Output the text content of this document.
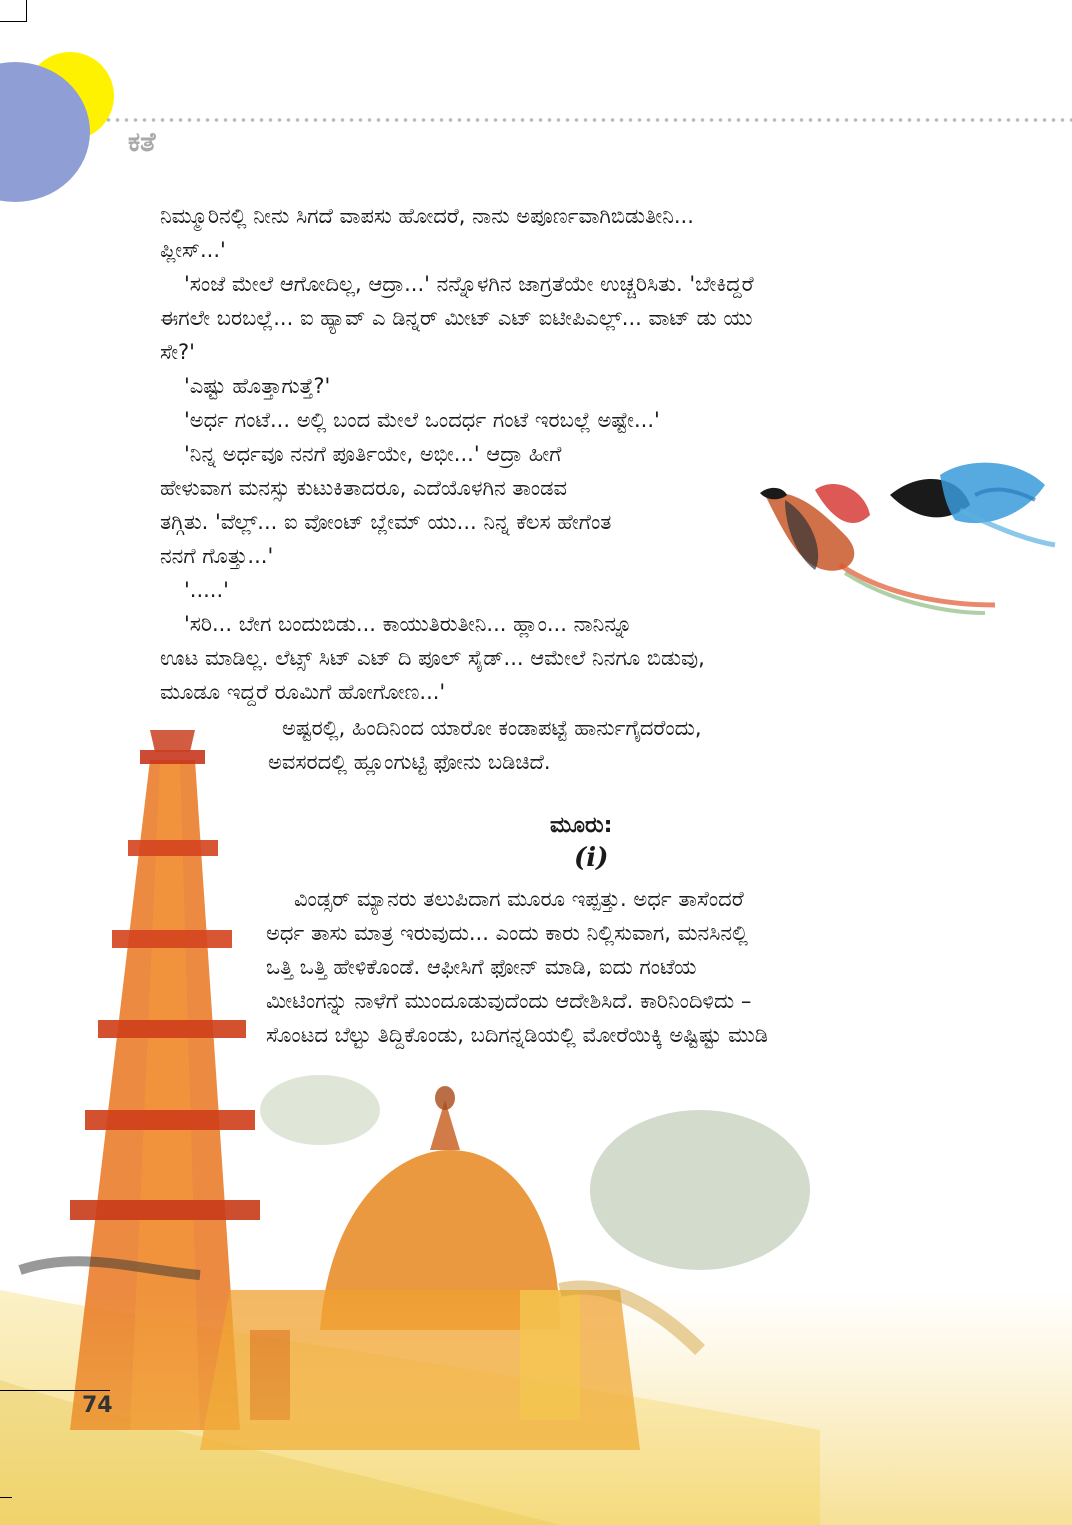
ಕತೆ
ನಿಮ್ಮೂರಿನಲ್ಲಿ ನೀನು ಸಿಗದೆ ವಾಪಸು ಹೋದರೆ, ನಾನು ಅಪೂರ್ಣವಾಗಿಬಿಡುತೀನಿ...
ಪ್ಲೀಸ್...'
'ಸಂಜೆ ಮೇಲೆ ಆಗೋದಿಲ್ಲ, ಆದ್ರಾ...' ನನ್ನೊಳಗಿನ ಜಾಗ್ರತೆಯೇ ಉಚ್ಚರಿಸಿತು. 'ಬೇಕಿದ್ದರೆ
ಈಗಲೇ ಬರಬಲ್ಲೆ... ಐ ಹ್ಯಾವ್ ಎ ಡಿನ್ನರ್ ಮೀಟ್ ಎಟ್ ಐಟೀಪಿಎಲ್ಲ್... ವಾಟ್ ಡು ಯು
ಸೇ?'
'ಎಷ್ಟು ಹೊತ್ತಾಗುತ್ತೆ?'
'ಅರ್ಧ ಗಂಟೆ... ಅಲ್ಲಿ ಬಂದ ಮೇಲೆ ಒಂದರ್ಧ ಗಂಟೆ ಇರಬಲ್ಲೆ ಅಷ್ಟೇ...'
'ನಿನ್ನ ಅರ್ಧವೂ ನನಗೆ ಪೂರ್ತಿಯೇ, ಅಭೀ...' ಆದ್ರಾ ಹೀಗೆ
ಹೇಳುವಾಗ ಮನಸ್ಸು ಕುಟುಕಿತಾದರೂ, ಎದೆಯೊಳಗಿನ ತಾಂಡವ
ತಗ್ಗಿತು. 'ವೆಲ್ಲ್... ಐ ವೋಂಟ್ ಬ್ಲೇಮ್ ಯು... ನಿನ್ನ ಕೆಲಸ ಹೇಗೆಂತ
ನನಗೆ ಗೊತ್ತು...'
'.....'
'ಸರಿ... ಬೇಗ ಬಂದುಬಿಡು... ಕಾಯುತಿರುತೀನಿ... ಹ್ಲಾಂ... ನಾನಿನ್ನೂ
ಊಟ ಮಾಡಿಲ್ಲ. ಲೆಟ್ಸ್ ಸಿಟ್ ಎಟ್ ದಿ ಪೂಲ್ ಸೈಡ್... ಆಮೇಲೆ ನಿನಗೂ ಬಿಡುವು,
ಮೂಡೂ ಇದ್ದರೆ ರೂಮಿಗೆ ಹೋಗೋಣ...'
ಅಷ್ಟರಲ್ಲಿ, ಹಿಂದಿನಿಂದ ಯಾರೋ ಕಂಡಾಪಟ್ಟೆ ಹಾರ್ನುಗೈದರೆಂದು,
ಅವಸರದಲ್ಲಿ ಹ್ಲೂಂಗುಟ್ಟಿ ಫೋನು ಬಡಿಚಿದೆ.
ಮೂರು:
(i)
ವಿಂಡ್ಸರ್ ಮ್ಯಾನರು ತಲುಪಿದಾಗ ಮೂರೂ ಇಪ್ಪತ್ತು. ಅರ್ಧ ತಾಸೆಂದರೆ
ಅರ್ಧ ತಾಸು ಮಾತ್ರ ಇರುವುದು... ಎಂದು ಕಾರು ನಿಲ್ಲಿಸುವಾಗ, ಮನಸಿನಲ್ಲಿ
ಒತ್ತಿ ಒತ್ತಿ ಹೇಳಿಕೊಂಡೆ. ಆಫೀಸಿಗೆ ಫೋನ್ ಮಾಡಿ, ಐದು ಗಂಟೆಯ
ಮೀಟಿಂಗನ್ನು ನಾಳೆಗೆ ಮುಂದೂಡುವುದೆಂದು ಆದೇಶಿಸಿದೆ. ಕಾರಿನಿಂದಿಳಿದು –
ಸೊಂಟದ ಬೆಲ್ಟು ತಿದ್ದಿಕೊಂಡು, ಬದಿಗನ್ನಡಿಯಲ್ಲಿ ಮೋರೆಯಿಕ್ಕಿ ಅಷ್ಟಿಷ್ಟು ಮುಡಿ
74
